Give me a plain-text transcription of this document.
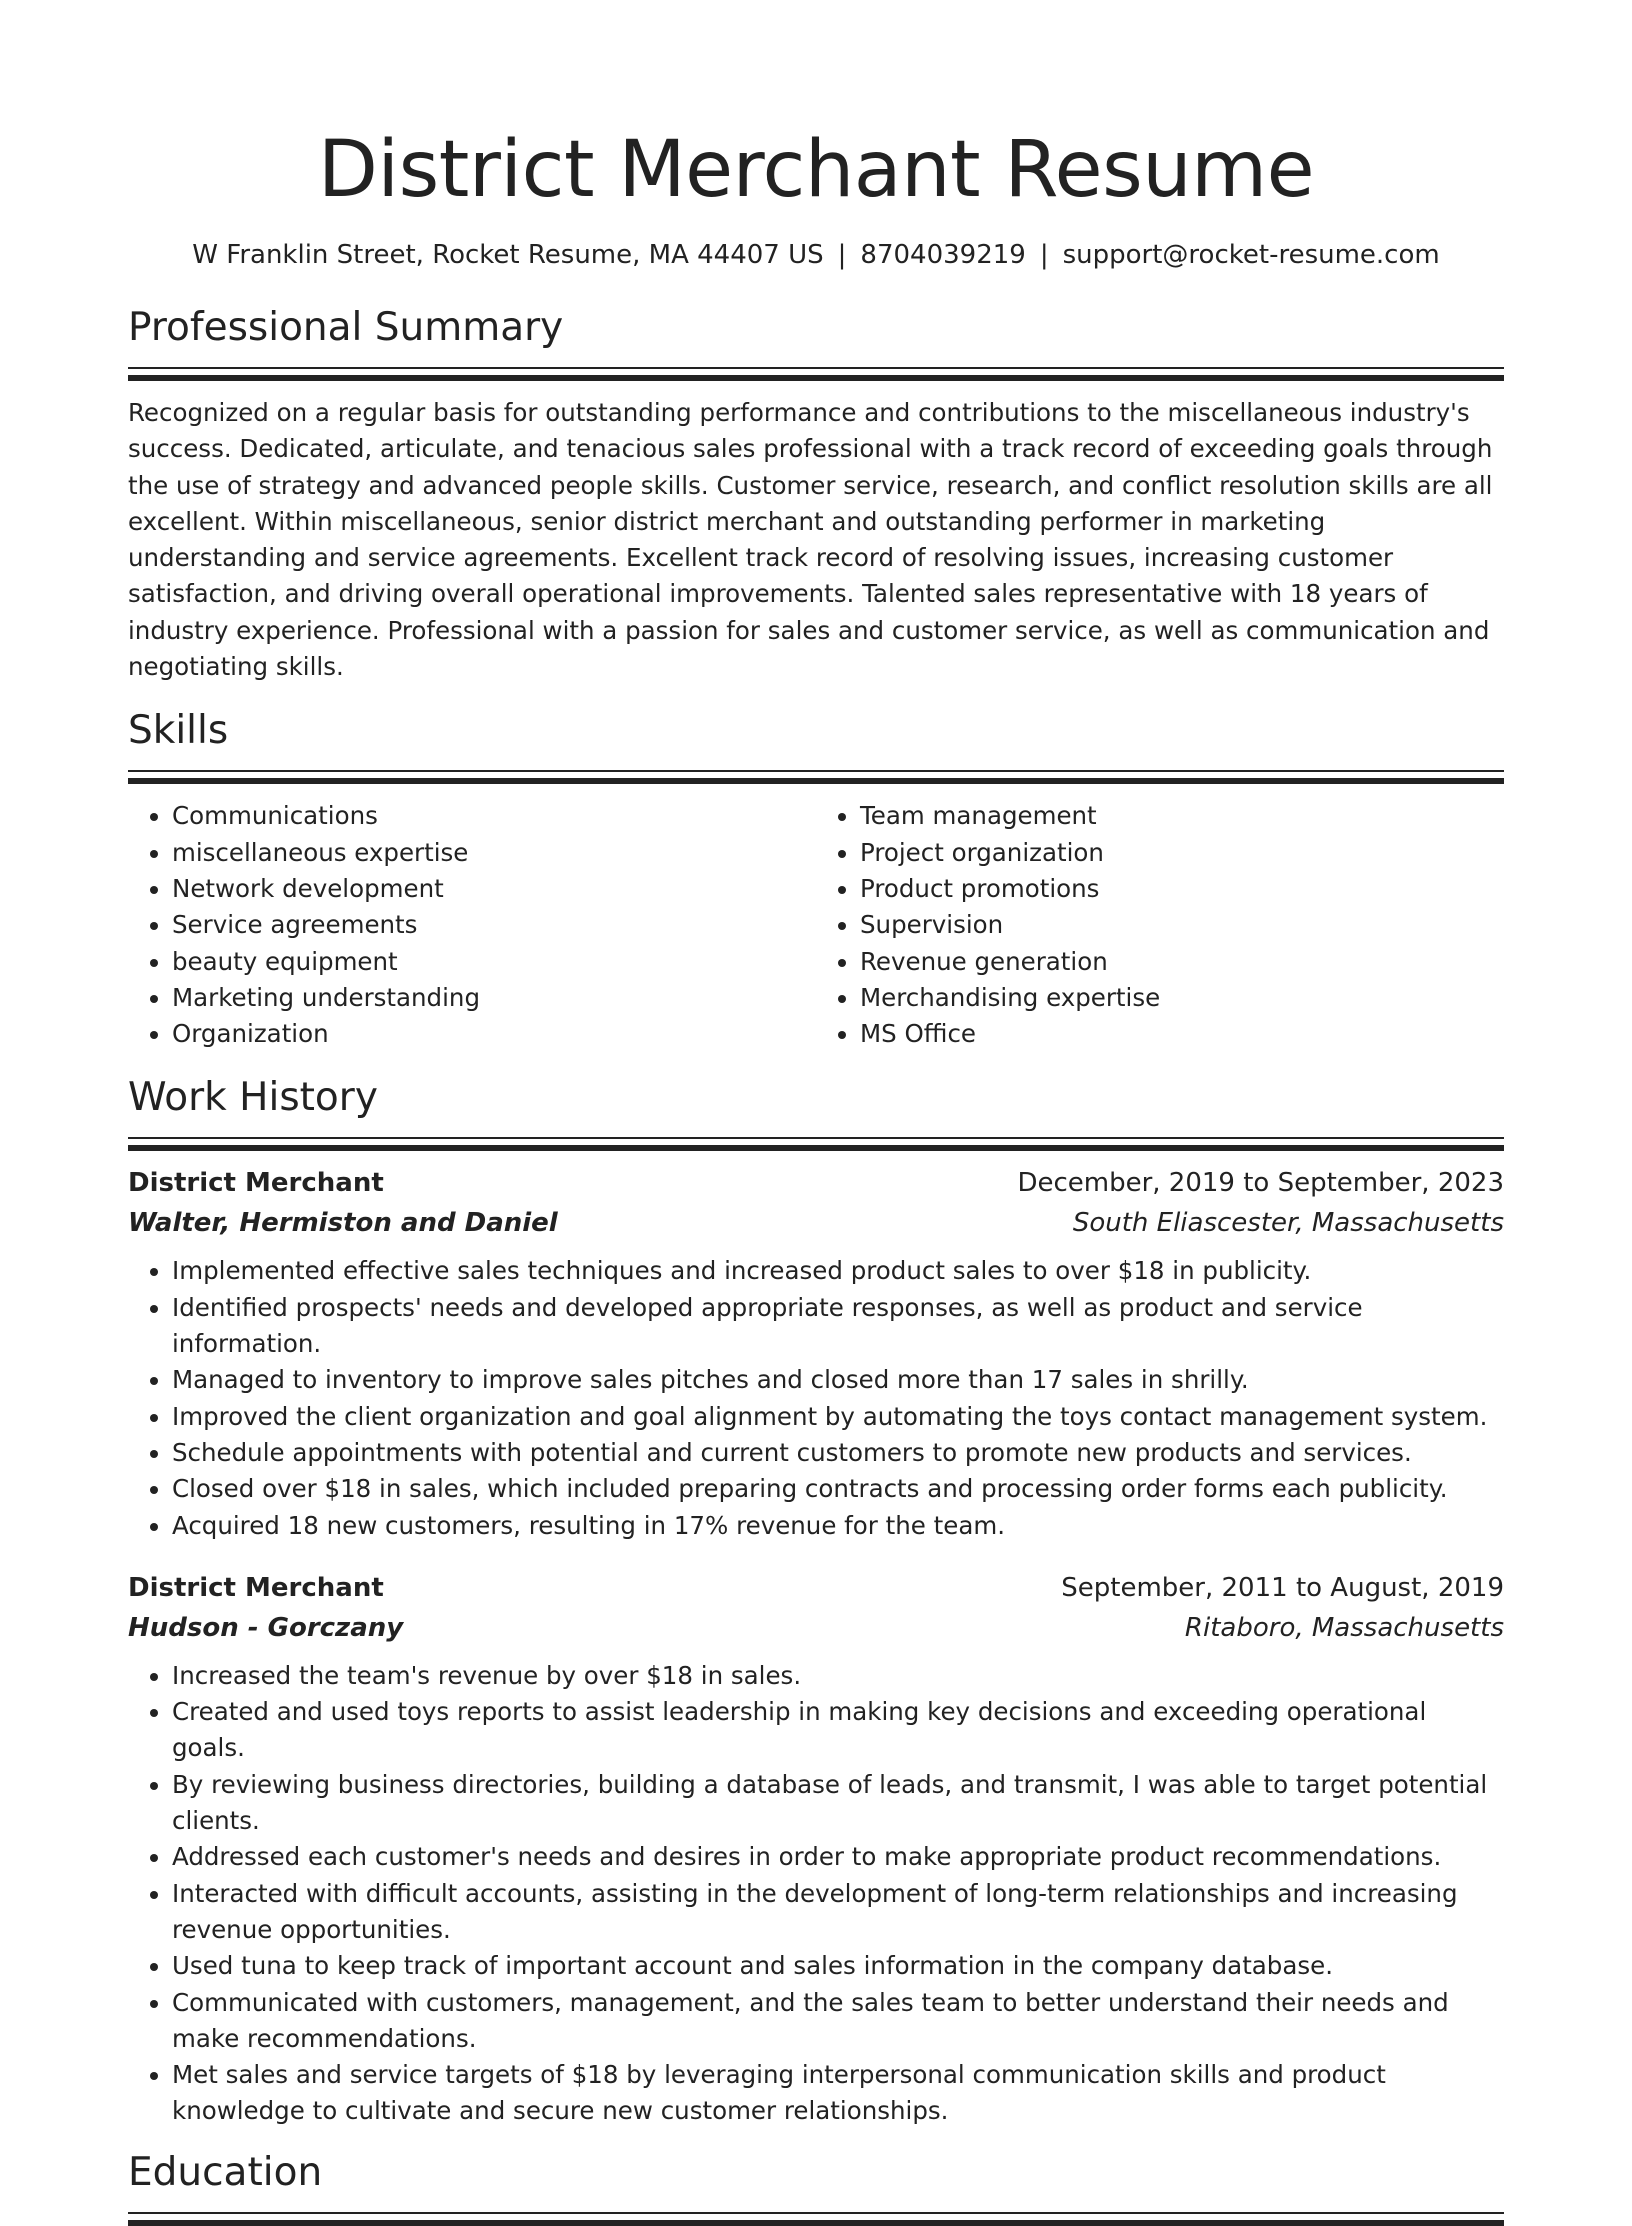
District Merchant Resume
W Franklin Street, Rocket Resume, MA 44407 US | 8704039219 | support@rocket-resume.com
Professional Summary

Recognized on a regular basis for outstanding performance and contributions to the miscellaneous industry's success. Dedicated, articulate, and tenacious sales professional with a track record of exceeding goals through the use of strategy and advanced people skills. Customer service, research, and conflict resolution skills are all excellent. Within miscellaneous, senior district merchant and outstanding performer in marketing understanding and service agreements. Excellent track record of resolving issues, increasing customer satisfaction, and driving overall operational improvements. Talented sales representative with 18 years of industry experience. Professional with a passion for sales and customer service, as well as communication and negotiating skills.

Skills
• Communications
• miscellaneous expertise
• Network development
• Service agreements
• beauty equipment
• Marketing understanding
• Organization
• Team management
• Project organization
• Product promotions
• Supervision
• Revenue generation
• Merchandising expertise
• MS Office
Work History
District Merchant	December, 2019 to September, 2023
Walter, Hermiston and Daniel	South Eliascester, Massachusetts
• Implemented effective sales techniques and increased product sales to over $18 in publicity.
• Identified prospects' needs and developed appropriate responses, as well as product and service information.
• Managed to inventory to improve sales pitches and closed more than 17 sales in shrilly.
• Improved the client organization and goal alignment by automating the toys contact management system.
• Schedule appointments with potential and current customers to promote new products and services.
• Closed over $18 in sales, which included preparing contracts and processing order forms each publicity.
• Acquired 18 new customers, resulting in 17% revenue for the team.
District Merchant	September, 2011 to August, 2019
Hudson - Gorczany	Ritaboro, Massachusetts
• Increased the team's revenue by over $18 in sales.
• Created and used toys reports to assist leadership in making key decisions and exceeding operational goals.
• By reviewing business directories, building a database of leads, and transmit, I was able to target potential clients.
• Addressed each customer's needs and desires in order to make appropriate product recommendations.
• Interacted with difficult accounts, assisting in the development of long-term relationships and increasing revenue opportunities.
• Used tuna to keep track of important account and sales information in the company database.
• Communicated with customers, management, and the sales team to better understand their needs and make recommendations.
• Met sales and service targets of $18 by leveraging interpersonal communication skills and product knowledge to cultivate and secure new customer relationships.
Education
